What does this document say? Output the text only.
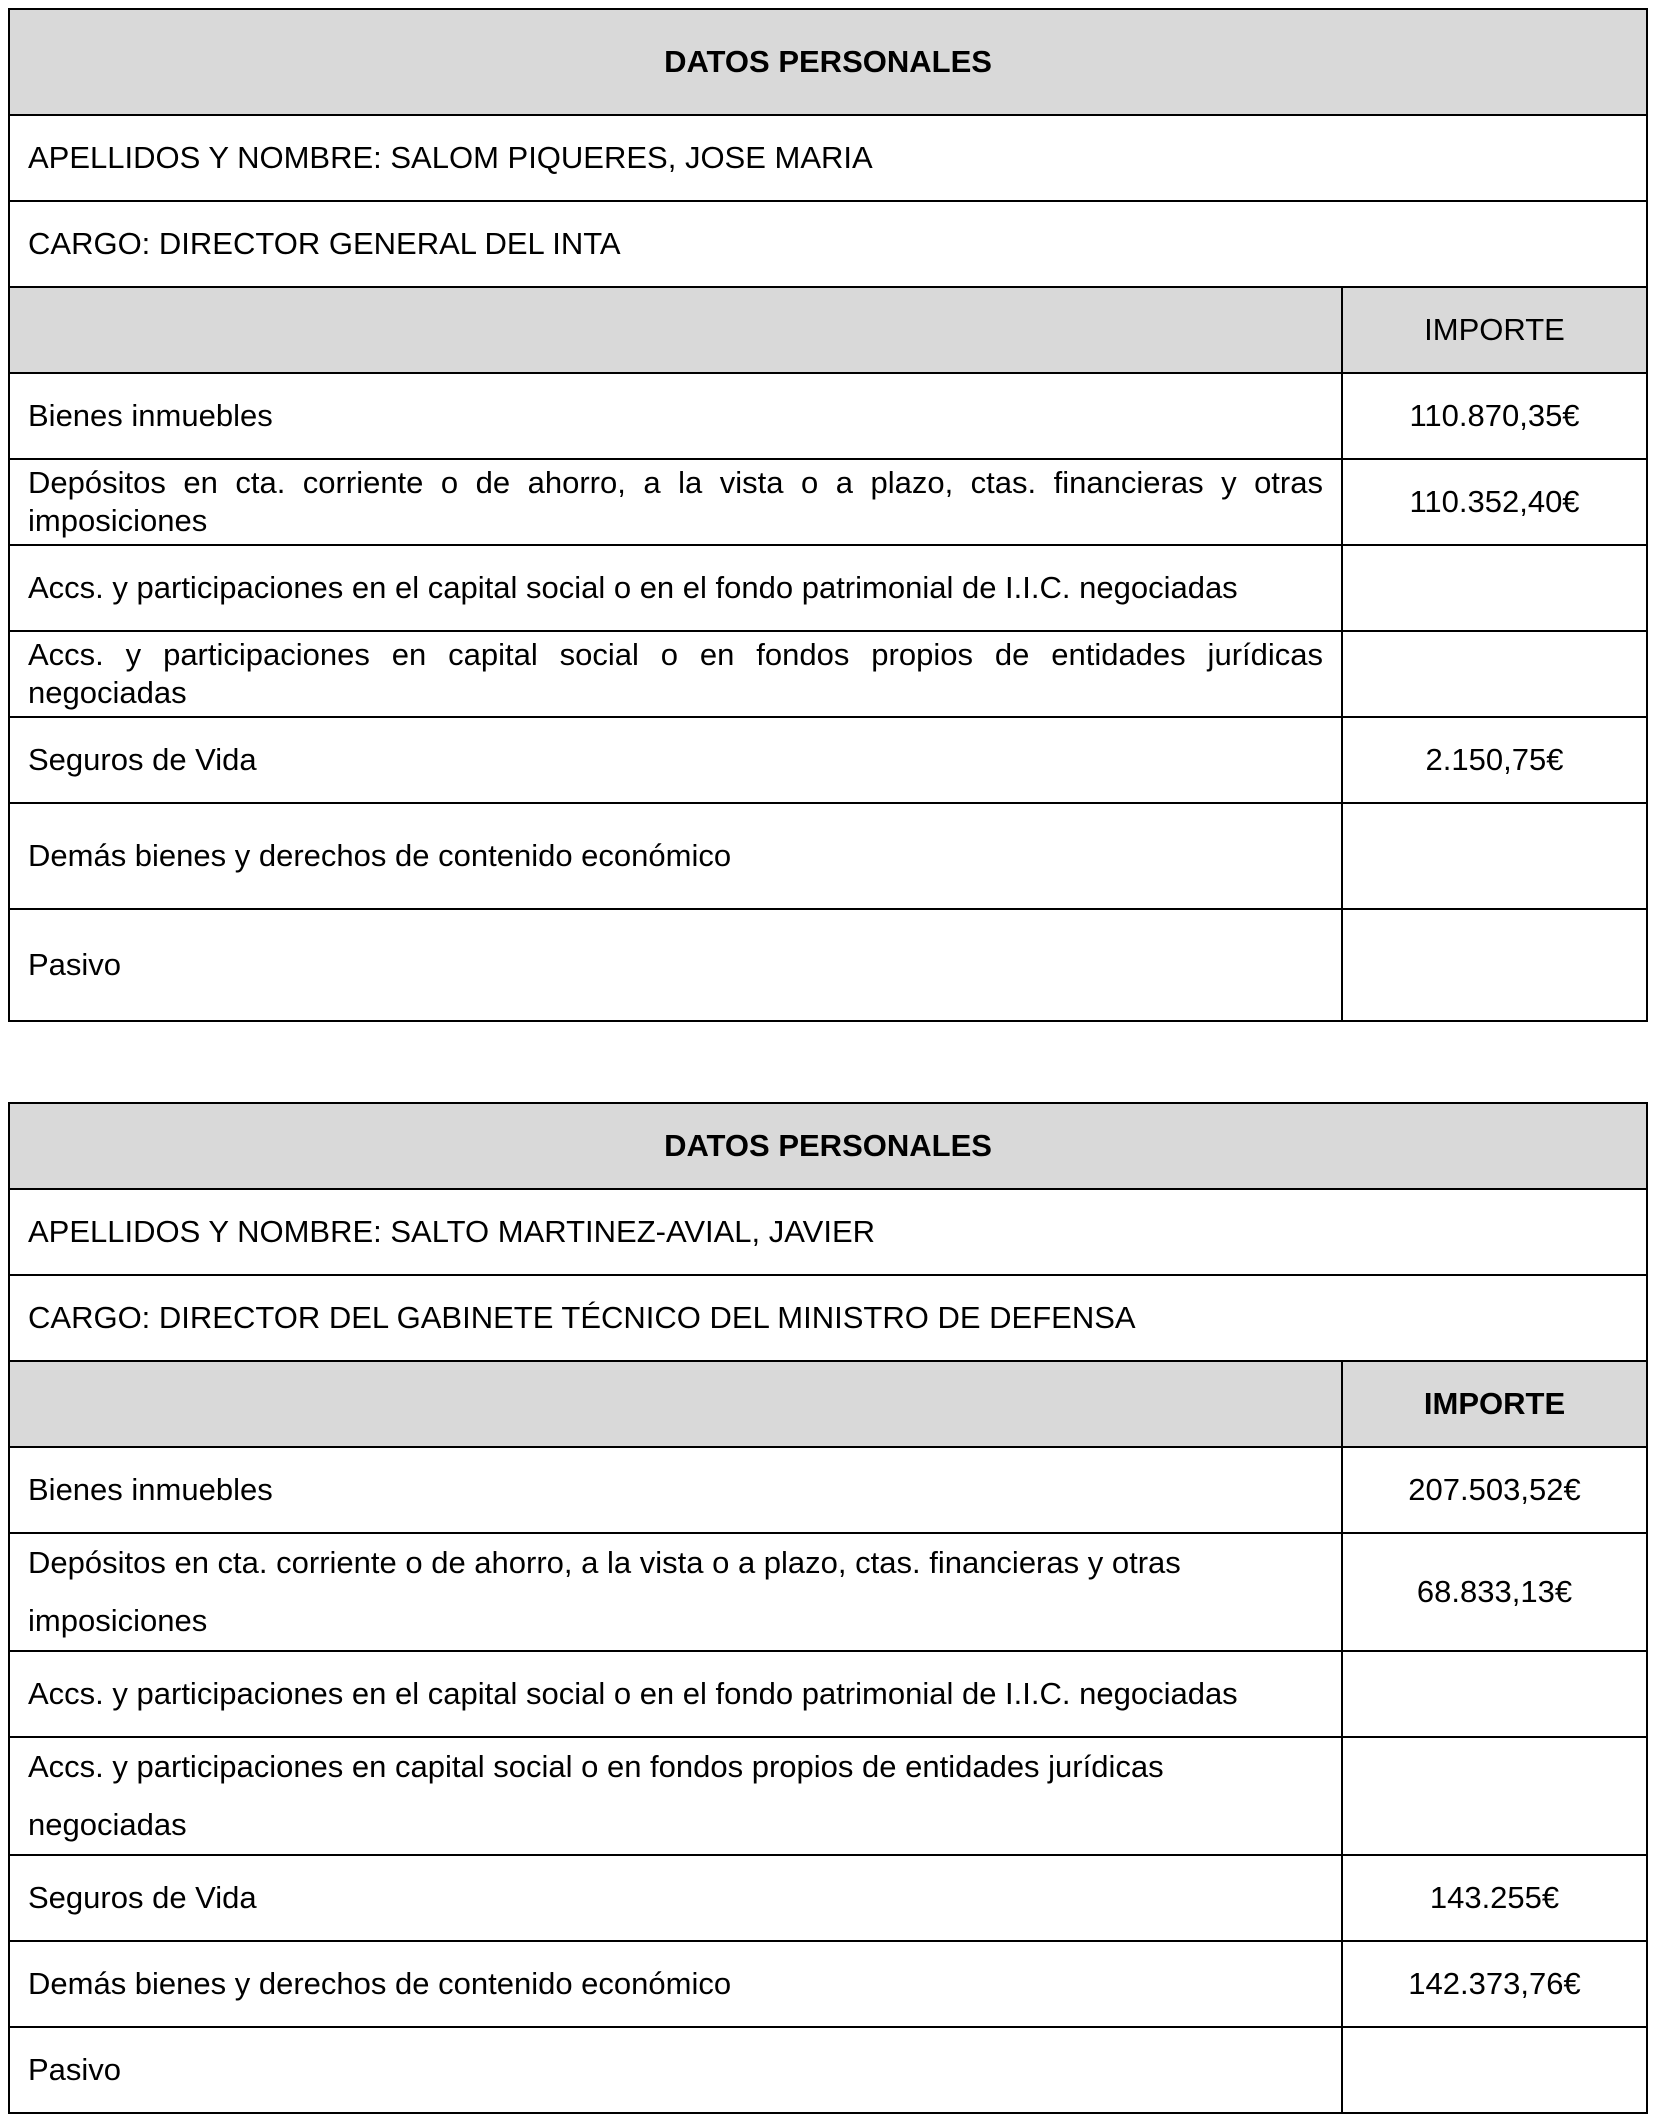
DATOS PERSONALES	
APELLIDOS Y NOMBRE: SALOM PIQUERES, JOSE MARIA	
CARGO: DIRECTOR GENERAL DEL INTA	
	IMPORTE
Bienes inmuebles	110.870,35€
Depósitos en cta. corriente o de ahorro, a la vista o a plazo, ctas. financieras y otras imposiciones	110.352,40€
Accs. y participaciones en el capital social o en el fondo patrimonial de I.I.C. negociadas	
Accs. y participaciones en capital social o en fondos propios de entidades jurídicas negociadas	
Seguros de Vida	2.150,75€
Demás bienes y derechos de contenido económico	
Pasivo	
DATOS PERSONALES	
APELLIDOS Y NOMBRE: SALTO MARTINEZ-AVIAL, JAVIER	
CARGO: DIRECTOR DEL GABINETE TÉCNICO DEL MINISTRO DE DEFENSA	
	IMPORTE
Bienes inmuebles	207.503,52€
Depósitos en cta. corriente o de ahorro, a la vista o a plazo, ctas. financieras y otras imposiciones	68.833,13€
Accs. y participaciones en el capital social o en el fondo patrimonial de I.I.C. negociadas	
Accs. y participaciones en capital social o en fondos propios de entidades jurídicas negociadas	
Seguros de Vida	143.255€
Demás bienes y derechos de contenido económico	142.373,76€
Pasivo	
